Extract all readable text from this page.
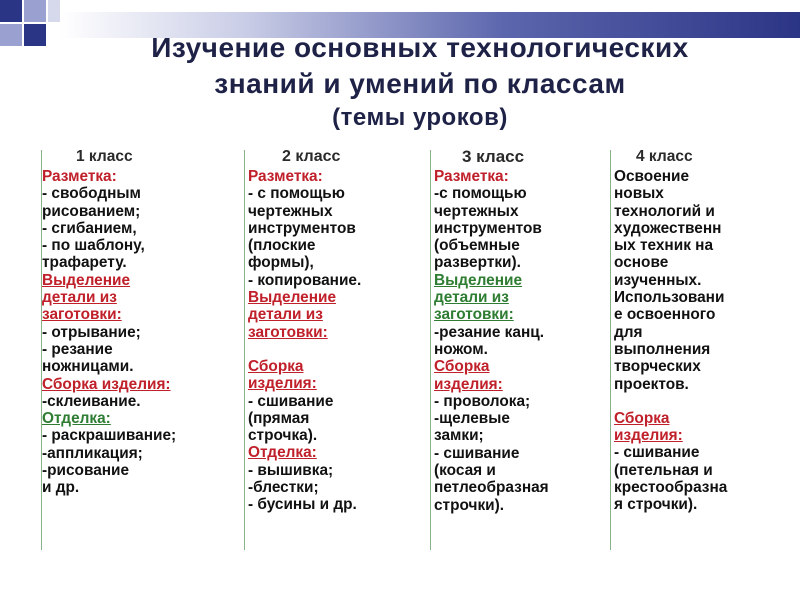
Изучение основных технологических
знаний и умений по классам
(темы уроков)
1 класс
Разметка:
- свободным
рисованием;
- сгибанием,
- по шаблону,
трафарету.
Выделение
детали из
заготовки:
- отрывание;
- резание
ножницами.
Сборка изделия:
-склеивание.
Отделка:
- раскрашивание;
-аппликация;
-рисование
и др.
2 класс
Разметка:
- с помощью
чертежных
инструментов
(плоские
формы),
- копирование.
Выделение
детали из
заготовки:
Сборка
изделия:
- сшивание
(прямая
строчка).
Отделка:
- вышивка;
-блестки;
- бусины и др.
3 класс
Разметка:
-с помощью
чертежных
инструментов
(объемные
развертки).
Выделение
детали из
заготовки:
-резание канц.
ножом.
Сборка
изделия:
- проволока;
-щелевые
замки;
- сшивание
(косая и
петлеобразная
строчки).
4 класс
Освоение
новых
технологий и
художественн
ых техник на
основе
изученных.
Использовани
е освоенного
для
выполнения
творческих
проектов.
Сборка
изделия:
- сшивание
(петельная и
крестообразна
я строчки).
